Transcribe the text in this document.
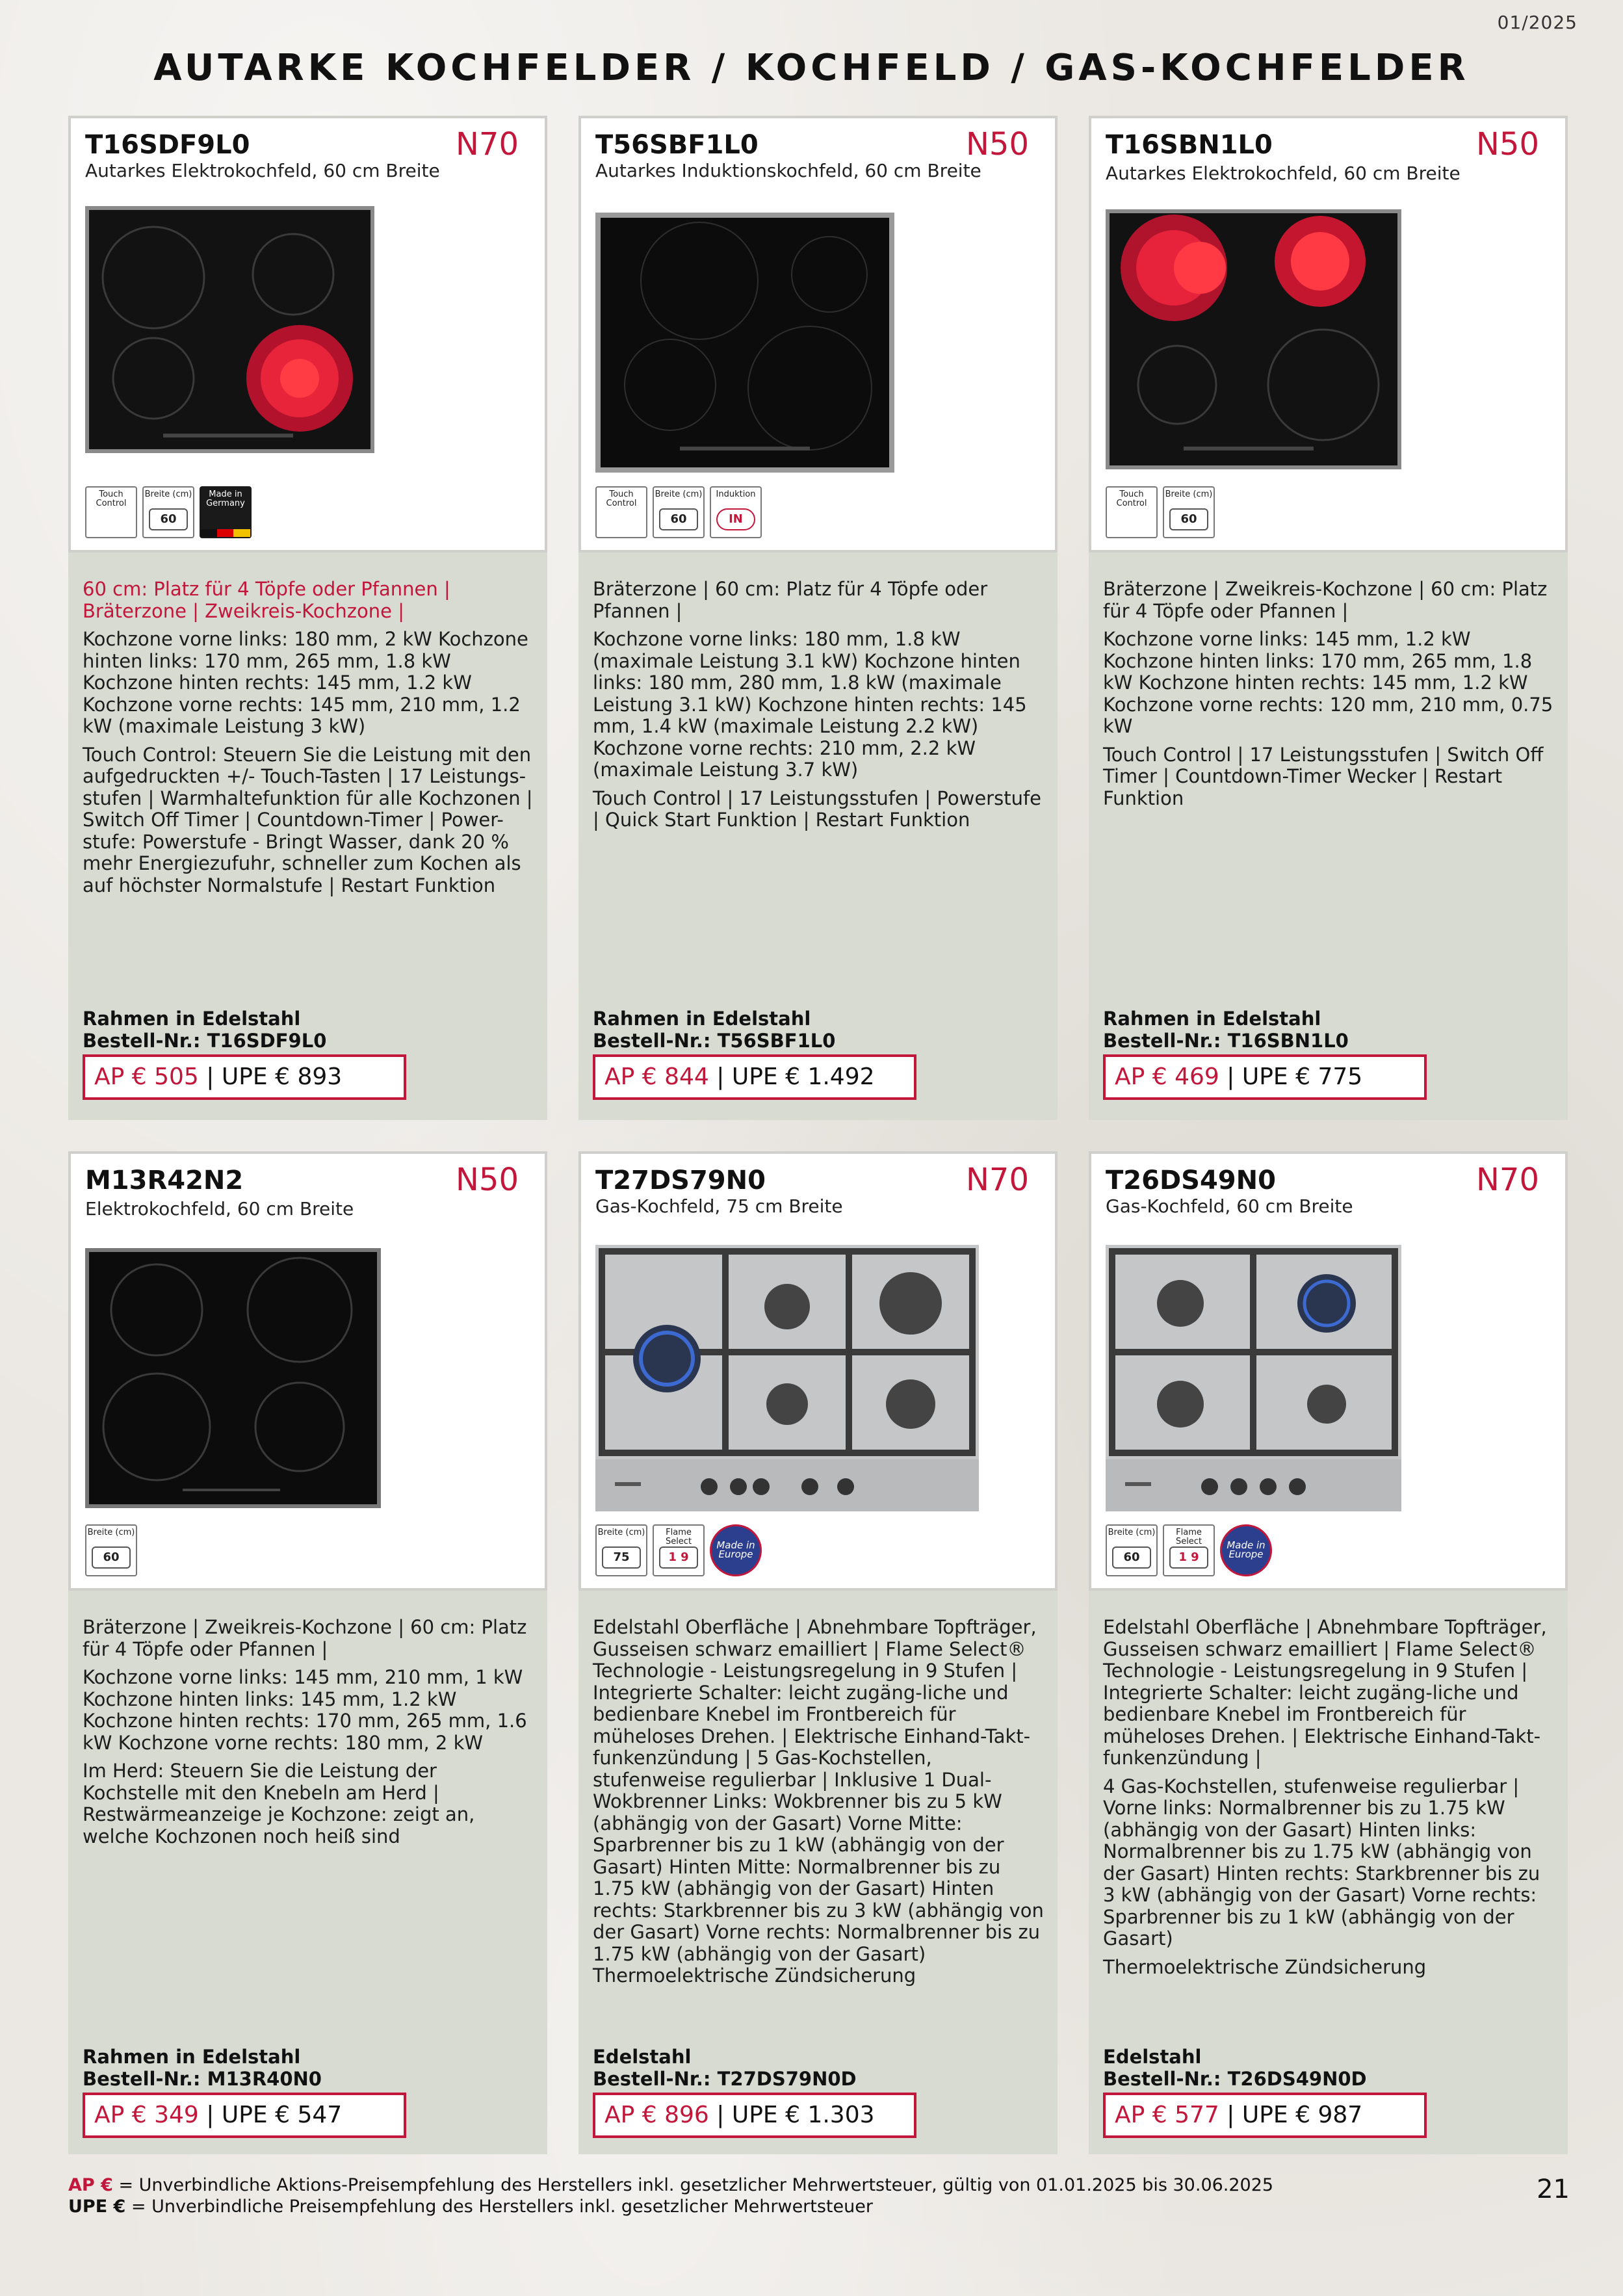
01/2025
AUTARKE KOCHFELDER / KOCHFELD / GAS-KOCHFELDER
T16SDF9L0	N70
Autarkes Elektrokochfeld, 60 cm Breite
Touch Control
Breite (cm)
60
Made in Germany

60 cm: Platz für 4 Töpfe oder Pfannen | Bräterzone | Zweikreis-Kochzone |

Kochzone vorne links: 180 mm, 2 kW Kochzone hinten links: 170 mm, 265 mm, 1.8 kW Kochzone hinten rechts: 145 mm, 1.2 kW Kochzone vorne rechts: 145 mm, 210 mm, 1.2 kW (maximale Leistung 3 kW)

Touch Control: Steuern Sie die Leistung mit den aufgedruckten +/- Touch-Tasten | 17 Leistungs-stufen | Warmhaltefunktion für alle Kochzonen | Switch Off Timer | Countdown-Timer | Power-stufe: Powerstufe - Bringt Wasser, dank 20 % mehr Energiezufuhr, schneller zum Kochen als auf höchster Normalstufe | Restart Funktion

Rahmen in Edelstahl
Bestell-Nr.: T16SDF9L0
AP € 505 | UPE € 893
T56SBF1L0	N50
Autarkes Induktionskochfeld, 60 cm Breite
Touch Control
Breite (cm)
60
Induktion
IN

Bräterzone | 60 cm: Platz für 4 Töpfe oder Pfannen |

Kochzone vorne links: 180 mm, 1.8 kW (maximale Leistung 3.1 kW) Kochzone hinten links: 180 mm, 280 mm, 1.8 kW (maximale Leistung 3.1 kW) Kochzone hinten rechts: 145 mm, 1.4 kW (maximale Leistung 2.2 kW) Kochzone vorne rechts: 210 mm, 2.2 kW (maximale Leistung 3.7 kW)

Touch Control | 17 Leistungsstufen | Powerstufe | Quick Start Funktion | Restart Funktion

Rahmen in Edelstahl
Bestell-Nr.: T56SBF1L0
AP € 844 | UPE € 1.492
T16SBN1L0	N50
Autarkes Elektrokochfeld, 60 cm Breite
Touch Control
Breite (cm)
60

Bräterzone | Zweikreis-Kochzone | 60 cm: Platz für 4 Töpfe oder Pfannen |

Kochzone vorne links: 145 mm, 1.2 kW Kochzone hinten links: 170 mm, 265 mm, 1.8 kW Kochzone hinten rechts: 145 mm, 1.2 kW Kochzone vorne rechts: 120 mm, 210 mm, 0.75 kW

Touch Control | 17 Leistungsstufen | Switch Off Timer | Countdown-Timer Wecker | Restart Funktion

Rahmen in Edelstahl
Bestell-Nr.: T16SBN1L0
AP € 469 | UPE € 775
M13R42N2	N50
Elektrokochfeld, 60 cm Breite
Breite (cm)
60

Bräterzone | Zweikreis-Kochzone | 60 cm: Platz für 4 Töpfe oder Pfannen |

Kochzone vorne links: 145 mm, 210 mm, 1 kW Kochzone hinten links: 145 mm, 1.2 kW Kochzone hinten rechts: 170 mm, 265 mm, 1.6 kW Kochzone vorne rechts: 180 mm, 2 kW

Im Herd: Steuern Sie die Leistung der Kochstelle mit den Knebeln am Herd | Restwärmeanzeige je Kochzone: zeigt an, welche Kochzonen noch heiß sind

Rahmen in Edelstahl
Bestell-Nr.: M13R40N0
AP € 349 | UPE € 547
T27DS79N0	N70
Gas-Kochfeld, 75 cm Breite
Breite (cm)
75
Flame Select
1 9
Made in Europe

Edelstahl Oberfläche | Abnehmbare Topfträger, Gusseisen schwarz emailliert | Flame Select® Technologie - Leistungsregelung in 9 Stufen | Integrierte Schalter: leicht zugäng-liche und bedienbare Knebel im Frontbereich für müheloses Drehen. | Elektrische Einhand-Takt-funkenzündung | 5 Gas-Kochstellen, stufenweise regulierbar | Inklusive 1 Dual-Wokbrenner Links: Wokbrenner bis zu 5 kW (abhängig von der Gasart) Vorne Mitte: Sparbrenner bis zu 1 kW (abhängig von der Gasart) Hinten Mitte: Normalbrenner bis zu 1.75 kW (abhängig von der Gasart) Hinten rechts: Starkbrenner bis zu 3 kW (abhängig von der Gasart) Vorne rechts: Normalbrenner bis zu 1.75 kW (abhängig von der Gasart) Thermoelektrische Zündsicherung

Edelstahl
Bestell-Nr.: T27DS79N0D
AP € 896 | UPE € 1.303
T26DS49N0	N70
Gas-Kochfeld, 60 cm Breite
Breite (cm)
60
Flame Select
1 9
Made in Europe

Edelstahl Oberfläche | Abnehmbare Topfträger, Gusseisen schwarz emailliert | Flame Select® Technologie - Leistungsregelung in 9 Stufen | Integrierte Schalter: leicht zugäng-liche und bedienbare Knebel im Frontbereich für müheloses Drehen. | Elektrische Einhand-Takt-funkenzündung |

4 Gas-Kochstellen, stufenweise regulierbar | Vorne links: Normalbrenner bis zu 1.75 kW (abhängig von der Gasart) Hinten links: Normalbrenner bis zu 1.75 kW (abhängig von der Gasart) Hinten rechts: Starkbrenner bis zu 3 kW (abhängig von der Gasart) Vorne rechts: Sparbrenner bis zu 1 kW (abhängig von der Gasart)

Thermoelektrische Zündsicherung

Edelstahl
Bestell-Nr.: T26DS49N0D
AP € 577 | UPE € 987
AP € = Unverbindliche Aktions-Preisempfehlung des Herstellers inkl. gesetzlicher Mehrwertsteuer, gültig von 01.01.2025 bis 30.06.2025
UPE € = Unverbindliche Preisempfehlung des Herstellers inkl. gesetzlicher Mehrwertsteuer
21
